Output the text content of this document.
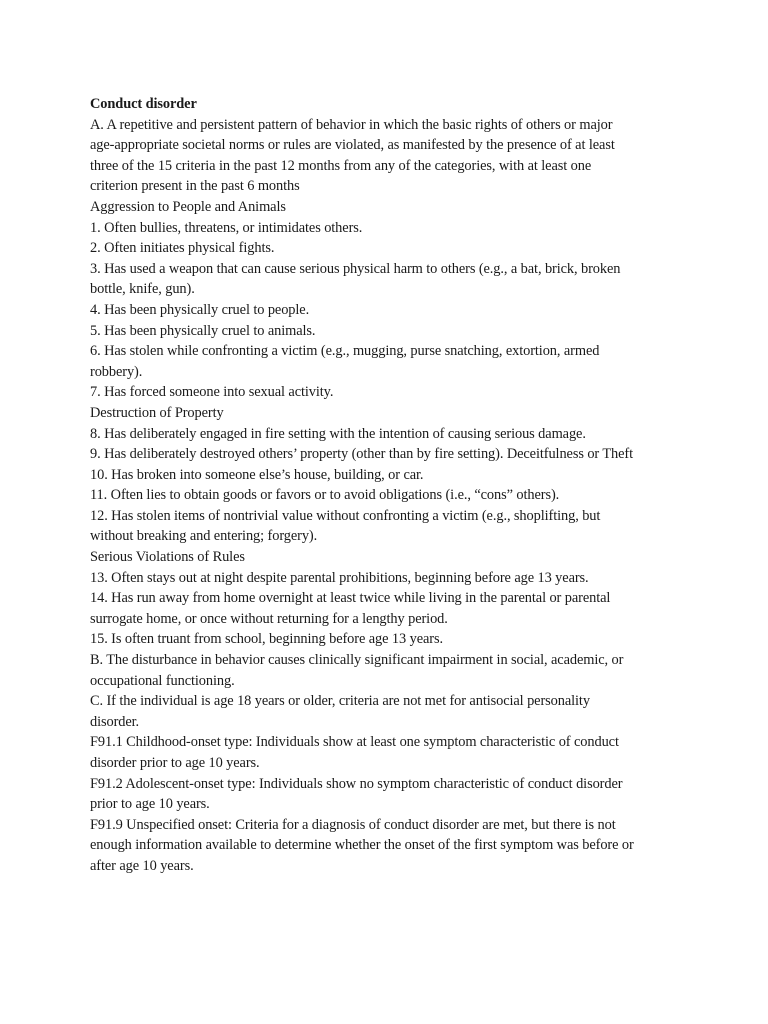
Conduct disorder
A. A repetitive and persistent pattern of behavior in which the basic rights of others or major
age-appropriate societal norms or rules are violated, as manifested by the presence of at least
three of the 15 criteria in the past 12 months from any of the categories, with at least one
criterion present in the past 6 months
Aggression to People and Animals
1. Often bullies, threatens, or intimidates others.
2. Often initiates physical fights.
3. Has used a weapon that can cause serious physical harm to others (e.g., a bat, brick, broken
bottle, knife, gun).
4. Has been physically cruel to people.
5. Has been physically cruel to animals.
6. Has stolen while confronting a victim (e.g., mugging, purse snatching, extortion, armed
robbery).
7. Has forced someone into sexual activity.
Destruction of Property
8. Has deliberately engaged in fire setting with the intention of causing serious damage.
9. Has deliberately destroyed others’ property (other than by fire setting). Deceitfulness or Theft
10. Has broken into someone else’s house, building, or car.
11. Often lies to obtain goods or favors or to avoid obligations (i.e., “cons” others).
12. Has stolen items of nontrivial value without confronting a victim (e.g., shoplifting, but
without breaking and entering; forgery).
Serious Violations of Rules
13. Often stays out at night despite parental prohibitions, beginning before age 13 years.
14. Has run away from home overnight at least twice while living in the parental or parental
surrogate home, or once without returning for a lengthy period.
15. Is often truant from school, beginning before age 13 years.
B. The disturbance in behavior causes clinically significant impairment in social, academic, or
occupational functioning.
C. If the individual is age 18 years or older, criteria are not met for antisocial personality
disorder.
F91.1 Childhood-onset type: Individuals show at least one symptom characteristic of conduct
disorder prior to age 10 years.
F91.2 Adolescent-onset type: Individuals show no symptom characteristic of conduct disorder
prior to age 10 years.
F91.9 Unspecified onset: Criteria for a diagnosis of conduct disorder are met, but there is not
enough information available to determine whether the onset of the first symptom was before or
after age 10 years.
